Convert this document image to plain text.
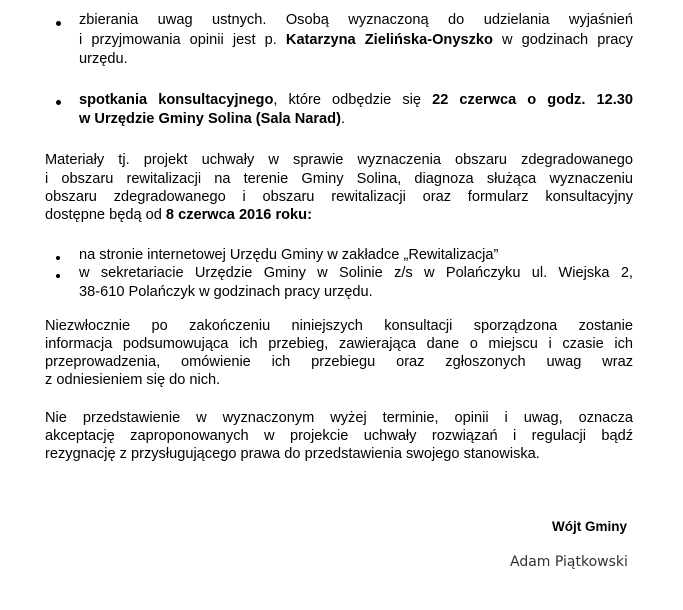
zbierania uwag ustnych. Osobą wyznaczoną do udzielania wyjaśnień
i przyjmowania opinii jest p. Katarzyna Zielińska-Onyszko w godzinach pracy
urzędu.
spotkania konsultacyjnego, które odbędzie się 22 czerwca o godz. 12.30
w Urzędzie Gminy Solina (Sala Narad).
Materiały tj. projekt uchwały w sprawie wyznaczenia obszaru zdegradowanego
i obszaru rewitalizacji na terenie Gminy Solina, diagnoza służąca wyznaczeniu
obszaru zdegradowanego i obszaru rewitalizacji oraz formularz konsultacyjny
dostępne będą od 8 czerwca 2016 roku:
na stronie internetowej Urzędu Gminy w zakładce „Rewitalizacja”
w sekretariacie Urzędzie Gminy w Solinie z/s w Polańczyku ul. Wiejska 2,
38-610 Polańczyk w godzinach pracy urzędu.
Niezwłocznie po zakończeniu niniejszych konsultacji sporządzona zostanie
informacja podsumowująca ich przebieg, zawierająca dane o miejscu i czasie ich
przeprowadzenia, omówienie ich przebiegu oraz zgłoszonych uwag wraz
z odniesieniem się do nich.
Nie przedstawienie w wyznaczonym wyżej terminie, opinii i uwag, oznacza
akceptację zaproponowanych w projekcie uchwały rozwiązań i regulacji bądź
rezygnację z przysługującego prawa do przedstawienia swojego stanowiska.
Wójt Gminy
Adam Piątkowski
